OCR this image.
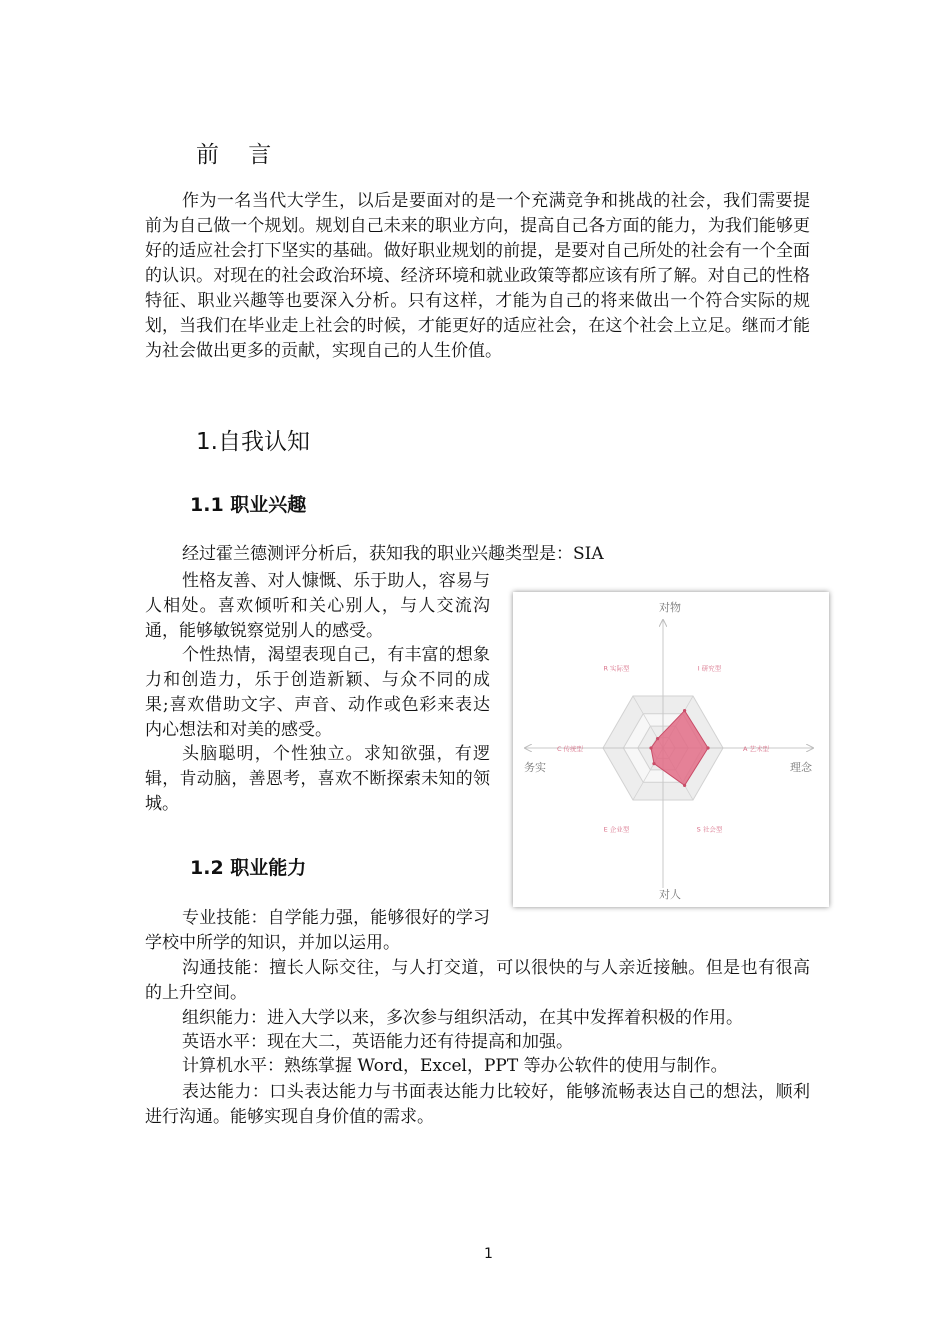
前 言
作为一名当代大学生，以后是要面对的是一个充满竞争和挑战的社会，我们需要提前为自己做一个规划。规划自己未来的职业方向，提高自己各方面的能力，为我们能够更好的适应社会打下坚实的基础。做好职业规划的前提，是要对自己所处的社会有一个全面的认识。对现在的社会政治环境、经济环境和就业政策等都应该有所了解。对自己的性格特征、职业兴趣等也要深入分析。只有这样，才能为自己的将来做出一个符合实际的规划，当我们在毕业走上社会的时候，才能更好的适应社会，在这个社会上立足。继而才能为社会做出更多的贡献，实现自己的人生价值。
1.自我认知
1.1 职业兴趣
经过霍兰德测评分析后，获知我的职业兴趣类型是：SIA
性格友善、对人慷慨、乐于助人，容易与人相处。喜欢倾听和关心别人，与人交流沟通，能够敏锐察觉别人的感受。
个性热情，渴望表现自己，有丰富的想象力和创造力，乐于创造新颖、与众不同的成果;喜欢借助文字、声音、动作或色彩来表达内心想法和对美的感受。
头脑聪明，个性独立。求知欲强，有逻辑，肯动脑，善恩考，喜欢不断探索未知的领城。
1.2 职业能力
专业技能：自学能力强，能够很好的学习学校中所学的知识，并加以运用。
沟通技能：擅长人际交往，与人打交道，可以很快的与人亲近接触。但是也有很高的上升空间。
组织能力：进入大学以来，多次参与组织活动，在其中发挥着积极的作用。
英语水平：现在大二，英语能力还有待提高和加强。
计算机水平：熟练掌握 Word，Excel，PPT 等办公软件的使用与制作。
表达能力：口头表达能力与书面表达能力比较好，能够流畅表达自己的想法，顺利进行沟通。能够实现自身价值的需求。
I 研究型
A 艺术型
S 社会型
E 企业型
C 传统型
R 实际型
对物
对人
务实	理念
1
